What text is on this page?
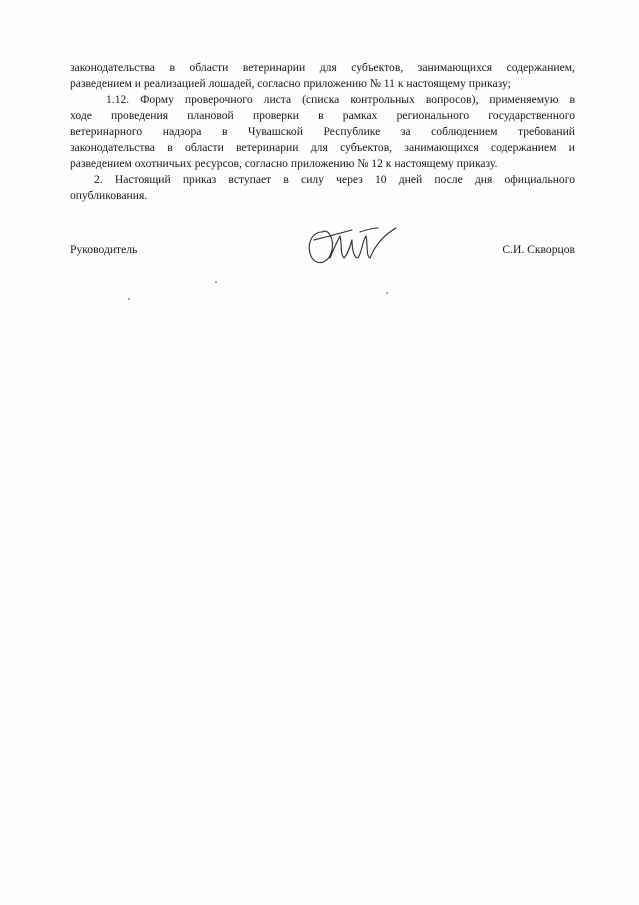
законодательства в области ветеринарии для субъектов, занимающихся содержанием,
разведением и реализацией лошадей, согласно приложению № 11 к настоящему приказу;
1.12. Форму проверочного листа (списка контрольных вопросов), применяемую в
ходе проведения плановой проверки в рамках регионального государственного
ветеринарного надзора в Чувашской Республике за соблюдением требований
законодательства в области ветеринарии для субъектов, занимающихся содержанием и
разведением охотничьих ресурсов, согласно приложению № 12 к настоящему приказу.
2. Настоящий приказ вступает в силу через 10 дней после дня официального
опубликования.
Руководитель	С.И. Скворцов
